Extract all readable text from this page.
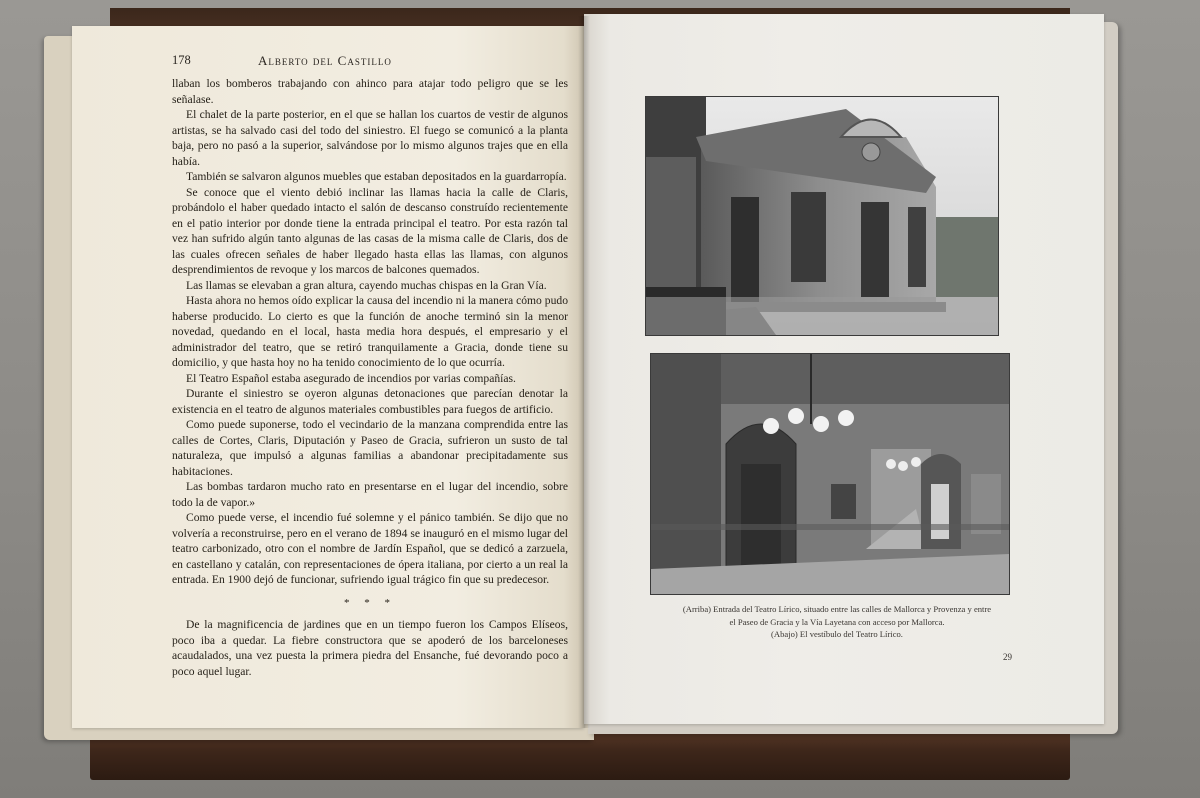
178	Alberto del Castillo

llaban los bomberos trabajando con ahinco para atajar todo peligro que se les señalase.

El chalet de la parte posterior, en el que se hallan los cuartos de vestir de algunos artistas, se ha salvado casi del todo del siniestro. El fuego se comunicó a la planta baja, pero no pasó a la superior, salvándose por lo mismo algunos trajes que en ella había.

También se salvaron algunos muebles que estaban depositados en la guardarropía.

Se conoce que el viento debió inclinar las llamas hacia la calle de Claris, probándolo el haber quedado intacto el salón de descanso construído recientemente en el patio interior por donde tiene la entrada principal el teatro. Por esta razón tal vez han sufrido algún tanto algunas de las casas de la misma calle de Claris, dos de las cuales ofrecen señales de haber llegado hasta ellas las llamas, con algunos desprendimientos de revoque y los marcos de balcones quemados.

Las llamas se elevaban a gran altura, cayendo muchas chispas en la Gran Vía.

Hasta ahora no hemos oído explicar la causa del incendio ni la manera cómo pudo haberse producido. Lo cierto es que la función de anoche terminó sin la menor novedad, quedando en el local, hasta media hora después, el empresario y el administrador del teatro, que se retiró tranquilamente a Gracia, donde tiene su domicilio, y que hasta hoy no ha tenido conocimiento de lo que ocurría.

El Teatro Español estaba asegurado de incendios por varias compañías.

Durante el siniestro se oyeron algunas detonaciones que parecían denotar la existencia en el teatro de algunos materiales combustibles para fuegos de artificio.

Como puede suponerse, todo el vecindario de la manzana comprendida entre las calles de Cortes, Claris, Diputación y Paseo de Gracia, sufrieron un susto de tal naturaleza, que impulsó a algunas familias a abandonar precipitadamente sus habitaciones.

Las bombas tardaron mucho rato en presentarse en el lugar del incendio, sobre todo la de vapor.»

Como puede verse, el incendio fué solemne y el pánico también. Se dijo que no volvería a reconstruirse, pero en el verano de 1894 se inauguró en el mismo lugar del teatro carbonizado, otro con el nombre de Jardín Español, que se dedicó a zarzuela, en castellano y catalán, con representaciones de ópera italiana, por cierto a un real la entrada. En 1900 dejó de funcionar, sufriendo igual trágico fin que su predecesor.

* * *

De la magnificencia de jardines que en un tiempo fueron los Campos Elíseos, poco iba a quedar. La fiebre constructora que se apoderó de los barceloneses acaudalados, una vez puesta la primera piedra del Ensanche, fué devorando poco a poco aquel lugar.

(Arriba) Entrada del Teatro Lírico, situado entre las calles de Mallorca y Provenza y entre
el Paseo de Gracia y la Vía Layetana con acceso por Mallorca.
(Abajo) El vestíbulo del Teatro Lírico.
29
